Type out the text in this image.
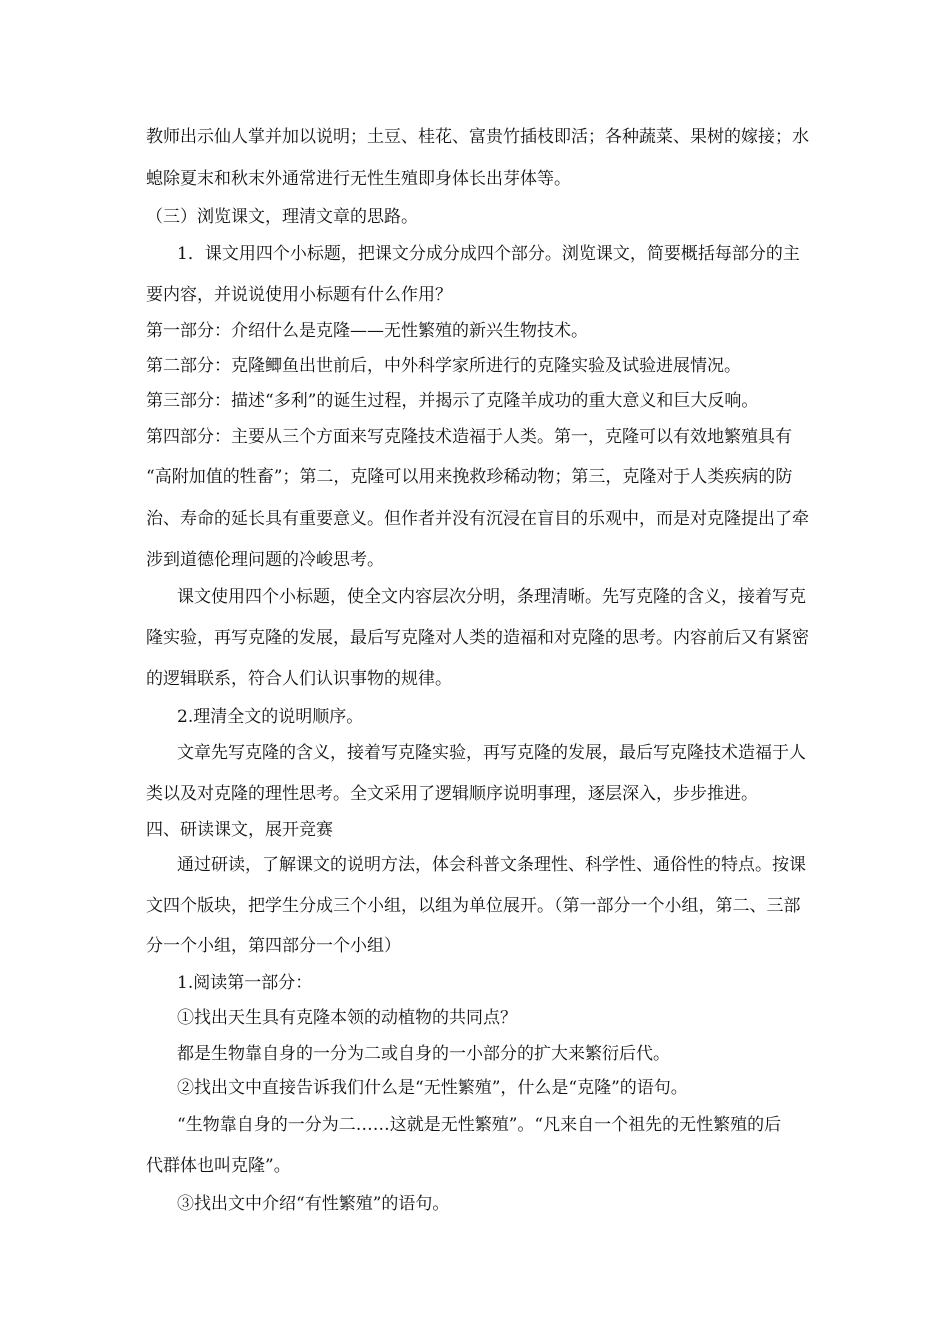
教师出示仙人掌并加以说明；土豆、桂花、富贵竹插枝即活；各种蔬菜、果树的嫁接；水
螅除夏末和秋末外通常进行无性生殖即身体长出芽体等。
（三）浏览课文，理清文章的思路。
1．课文用四个小标题，把课文分成分成四个部分。浏览课文，简要概括每部分的主
要内容，并说说使用小标题有什么作用？
第一部分：介绍什么是克隆——无性繁殖的新兴生物技术。
第二部分：克隆鲫鱼出世前后，中外科学家所进行的克隆实验及试验进展情况。
第三部分：描述“多利”的诞生过程，并揭示了克隆羊成功的重大意义和巨大反响。
第四部分：主要从三个方面来写克隆技术造福于人类。第一，克隆可以有效地繁殖具有
“高附加值的牲畜”；第二，克隆可以用来挽救珍稀动物；第三，克隆对于人类疾病的防
治、寿命的延长具有重要意义。但作者并没有沉浸在盲目的乐观中，而是对克隆提出了牵
涉到道德伦理问题的冷峻思考。
课文使用四个小标题，使全文内容层次分明，条理清晰。先写克隆的含义，接着写克
隆实验，再写克隆的发展，最后写克隆对人类的造福和对克隆的思考。内容前后又有紧密
的逻辑联系，符合人们认识事物的规律。
2.理清全文的说明顺序。
文章先写克隆的含义，接着写克隆实验，再写克隆的发展，最后写克隆技术造福于人
类以及对克隆的理性思考。全文采用了逻辑顺序说明事理，逐层深入，步步推进。
四、研读课文，展开竞赛
通过研读，了解课文的说明方法，体会科普文条理性、科学性、通俗性的特点。按课
文四个版块，把学生分成三个小组，以组为单位展开。（第一部分一个小组，第二、三部
分一个小组，第四部分一个小组）
1.阅读第一部分：
①找出天生具有克隆本领的动植物的共同点？
都是生物靠自身的一分为二或自身的一小部分的扩大来繁衍后代。
②找出文中直接告诉我们什么是“无性繁殖”，什么是“克隆”的语句。
“生物靠自身的一分为二……这就是无性繁殖”。“凡来自一个祖先的无性繁殖的后
代群体也叫克隆”。
③找出文中介绍“有性繁殖”的语句。
